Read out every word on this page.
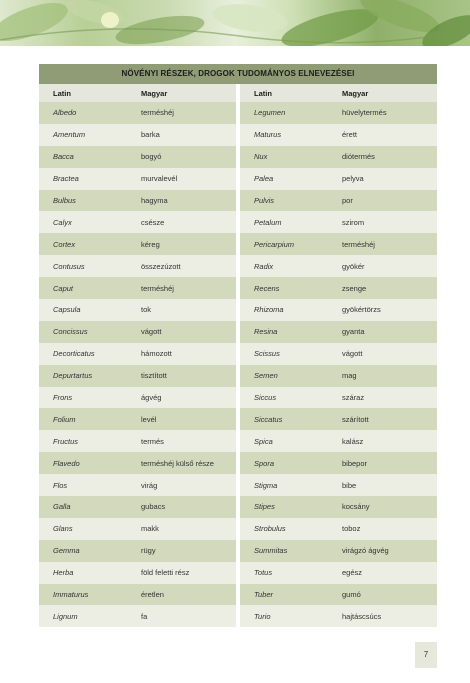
NÖVÉNYI RÉSZEK, DROGOK TUDOMÁNYOS ELNEVEZÉSEI
Latin	Magyar
Albedo	terméshéj
Amentum	barka
Bacca	bogyó
Bractea	murvalevél
Bulbus	hagyma
Calyx	csésze
Cortex	kéreg
Contusus	összezúzott
Caput	terméshéj
Capsula	tok
Concissus	vágott
Decorticatus	hámozott
Depurtartus	tisztított
Frons	ágvég
Folium	levél
Fructus	termés
Flavedo	terméshéj külső része
Flos	virág
Galla	gubacs
Glans	makk
Gemma	rügy
Herba	föld feletti rész
Immaturus	éretlen
Lignum	fa
Latin	Magyar
Legumen	hüvelytermés
Maturus	érett
Nux	diótermés
Palea	pelyva
Pulvis	por
Petalum	szirom
Pericarpium	terméshéj
Radix	gyökér
Recens	zsenge
Rhizoma	gyökértörzs
Resina	gyanta
Scissus	vágott
Semen	mag
Siccus	száraz
Siccatus	szárított
Spica	kalász
Spora	bibepor
Stigma	bibe
Stipes	kocsány
Strobulus	toboz
Summitas	virágzó ágvég
Totus	egész
Tuber	gumó
Turio	hajtáscsúcs
7
